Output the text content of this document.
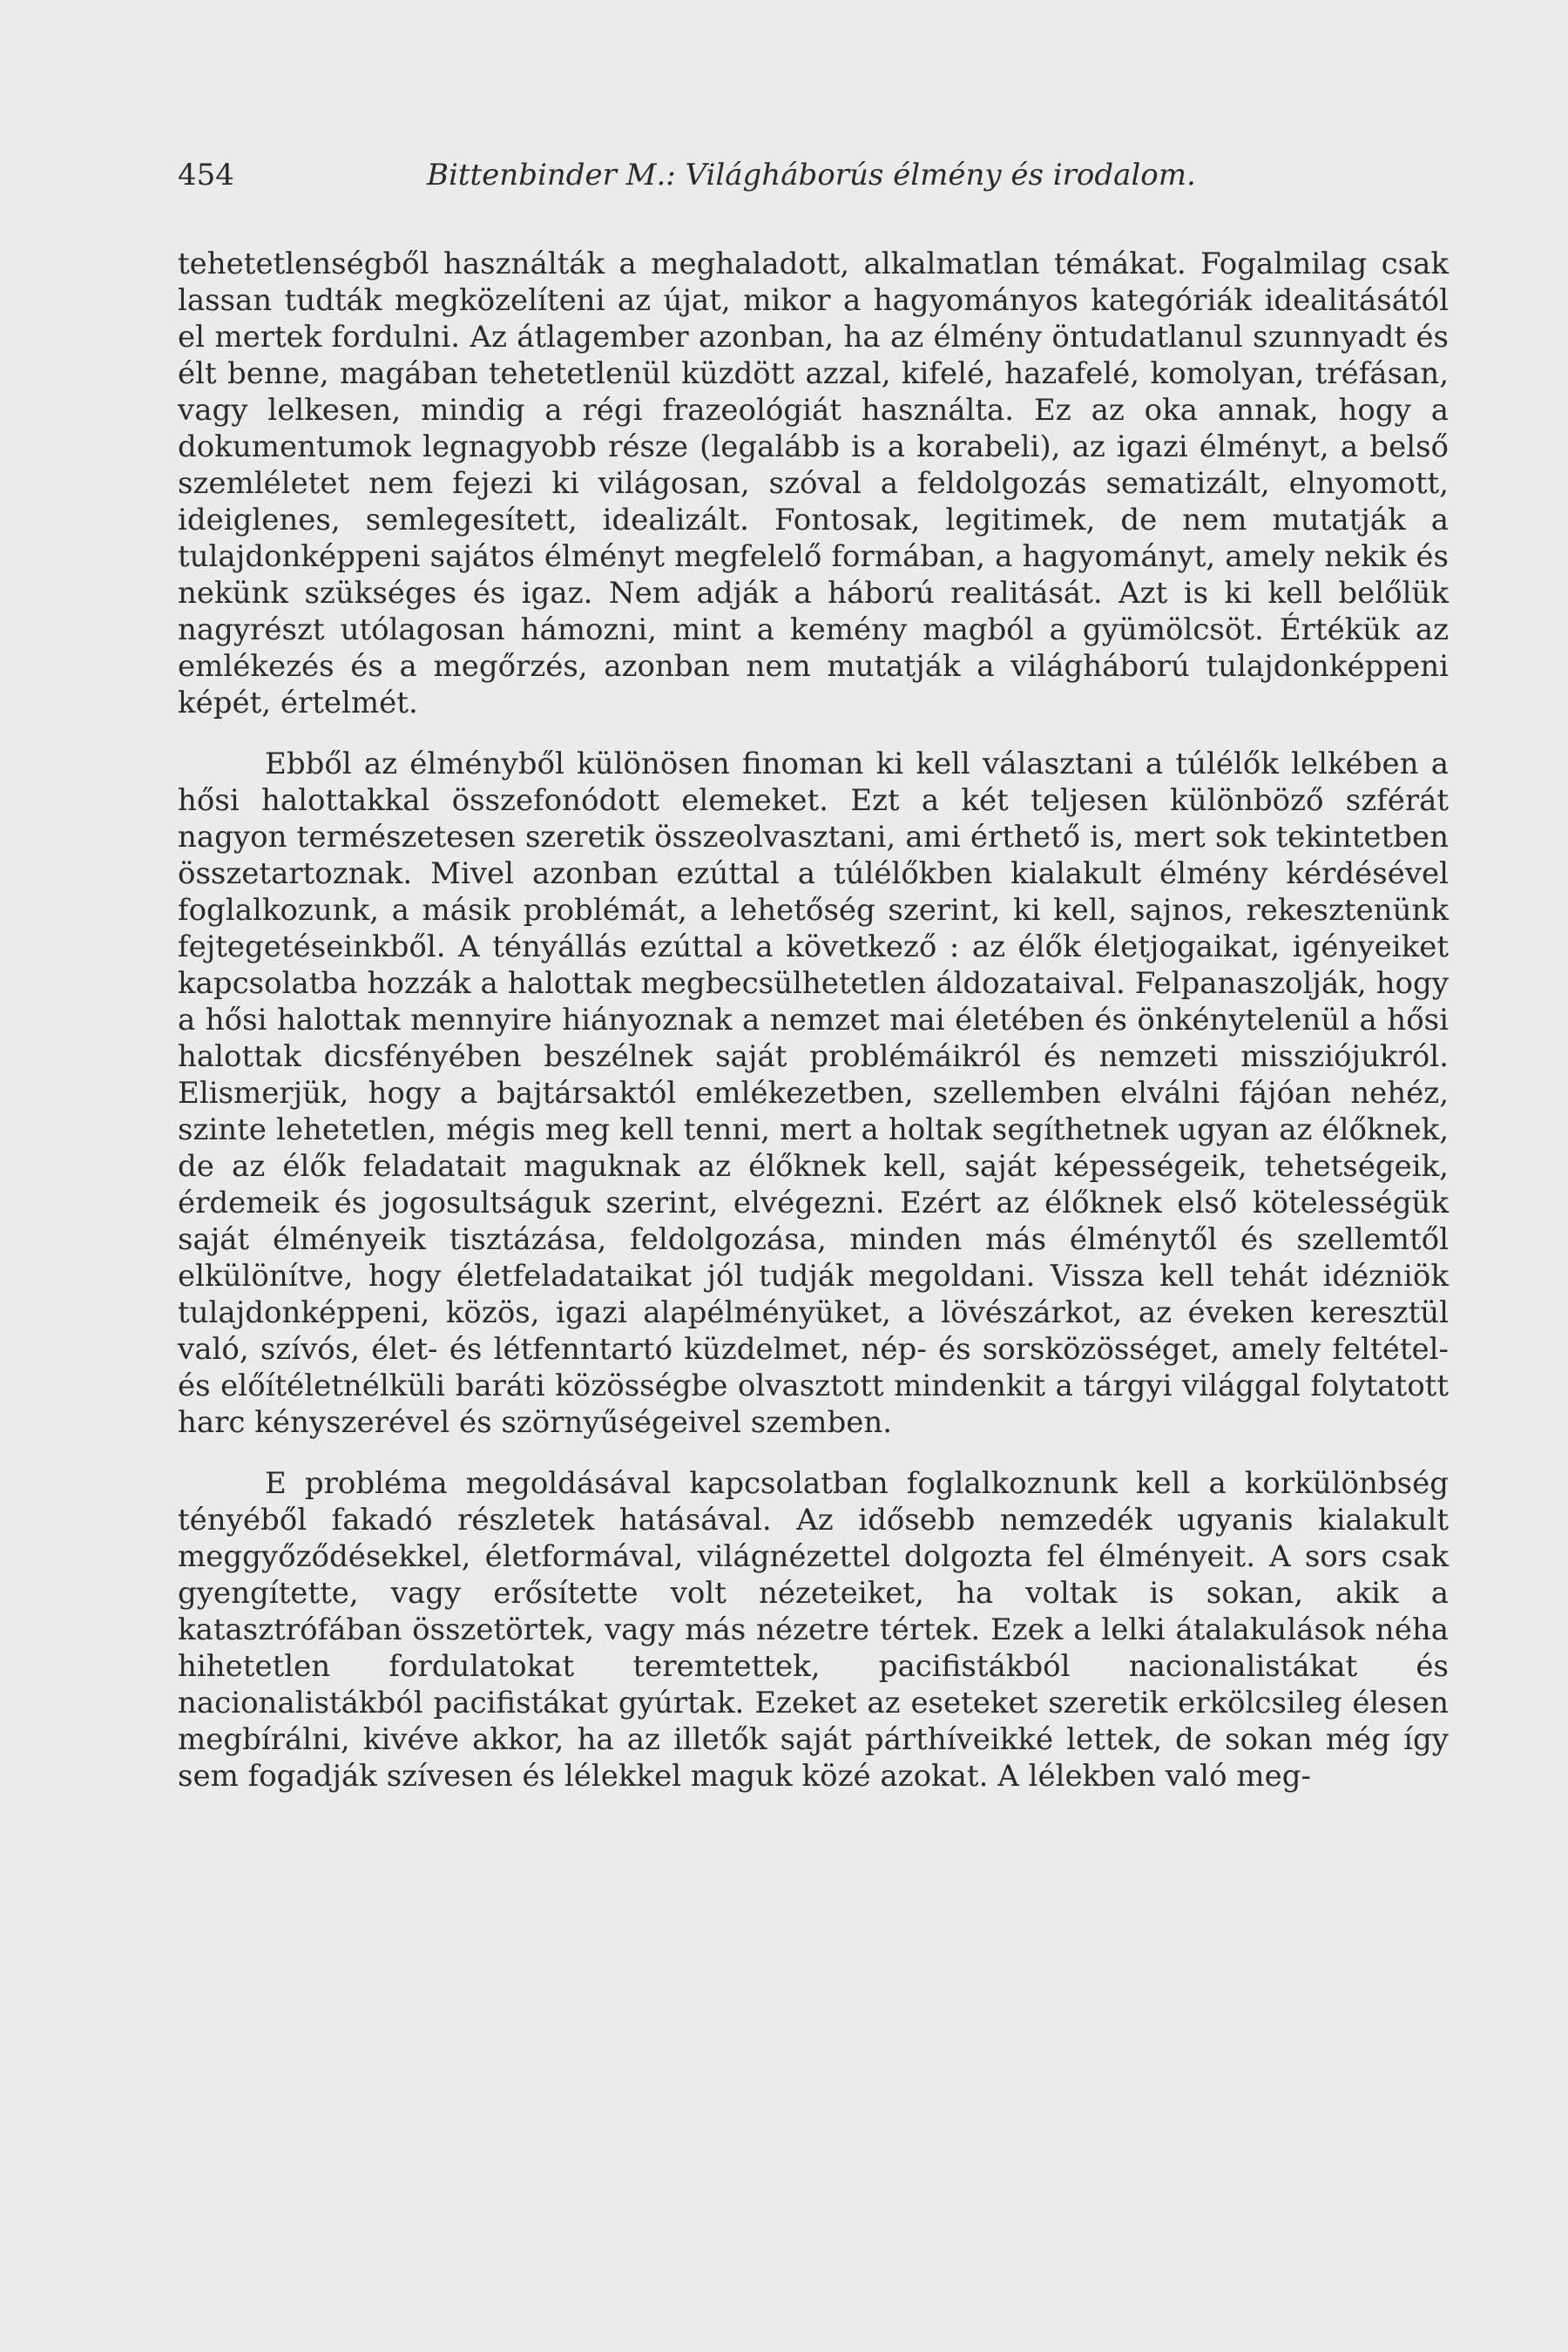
454	Bittenbinder M.: Világháborús élmény és irodalom.

tehetetlenségből használták a meghaladott, alkalmatlan témákat. Fogalmilag csak lassan tudták megközelíteni az újat, mikor a hagyományos kategóriák idealitásától el mertek fordulni. Az átlagember azonban, ha az élmény öntudatlanul szunnyadt és élt benne, magában tehetetlenül küzdött azzal, kifelé, hazafelé, komolyan, tréfásan, vagy lelkesen, mindig a régi frazeológiát használta. Ez az oka annak, hogy a dokumentumok legnagyobb része (legalább is a korabeli), az igazi élményt, a belső szemléletet nem fejezi ki világosan, szóval a feldolgozás sematizált, elnyomott, ideiglenes, semlegesített, idealizált. Fontosak, legitimek, de nem mutatják a tulajdonképpeni sajátos élményt megfelelő formában, a hagyományt, amely nekik és nekünk szükséges és igaz. Nem adják a háború realitását. Azt is ki kell belőlük nagyrészt utólagosan hámozni, mint a kemény magból a gyümölcsöt. Értékük az emlékezés és a megőrzés, azonban nem mutatják a világháború tulajdonképpeni képét, értelmét.

Ebből az élményből különösen finoman ki kell választani a túlélők lelkében a hősi halottakkal összefonódott elemeket. Ezt a két teljesen különböző szférát nagyon természetesen szeretik összeolvasztani, ami érthető is, mert sok tekintetben összetartoznak. Mivel azonban ezúttal a túlélőkben kialakult élmény kérdésével foglalkozunk, a másik problémát, a lehetőség szerint, ki kell, sajnos, rekesztenünk fejtegetéseinkből. A tényállás ezúttal a következő : az élők életjogaikat, igényeiket kapcsolatba hozzák a halottak megbecsülhetetlen áldozataival. Felpanaszolják, hogy a hősi halottak mennyire hiányoznak a nemzet mai életében és önkénytelenül a hősi halottak dicsfényében beszélnek saját problémáikról és nemzeti missziójukról. Elismerjük, hogy a bajtársaktól emlékezetben, szellemben elválni fájóan nehéz, szinte lehetetlen, mégis meg kell tenni, mert a holtak segíthetnek ugyan az élőknek, de az élők feladatait maguknak az élőknek kell, saját képességeik, tehetségeik, érdemeik és jogosultságuk szerint, elvégezni. Ezért az élőknek első kötelességük saját élményeik tisztázása, feldolgozása, minden más élménytől és szellemtől elkülönítve, hogy életfeladataikat jól tudják megoldani. Vissza kell tehát idézniök tulajdonképpeni, közös, igazi alapélményüket, a lövészárkot, az éveken keresztül való, szívós, élet- és létfenntartó küzdelmet, nép- és sorsközösséget, amely feltétel- és előítéletnélküli baráti közösségbe olvasztott mindenkit a tárgyi világgal folytatott harc kényszerével és szörnyűségeivel szemben.

E probléma megoldásával kapcsolatban foglalkoznunk kell a korkülönbség tényéből fakadó részletek hatásával. Az idősebb nemzedék ugyanis kialakult meggyőződésekkel, életformával, világnézettel dolgozta fel élményeit. A sors csak gyengítette, vagy erősítette volt nézeteiket, ha voltak is sokan, akik a katasztrófában összetörtek, vagy más nézetre tértek. Ezek a lelki átalakulások néha hihetetlen fordulatokat teremtettek, pacifistákból nacionalistákat és nacionalistákból pacifistákat gyúrtak. Ezeket az eseteket szeretik erkölcsileg élesen megbírálni, kivéve akkor, ha az illetők saját párthíveikké lettek, de sokan még így sem fogadják szívesen és lélekkel maguk közé azokat. A lélekben való meg-
